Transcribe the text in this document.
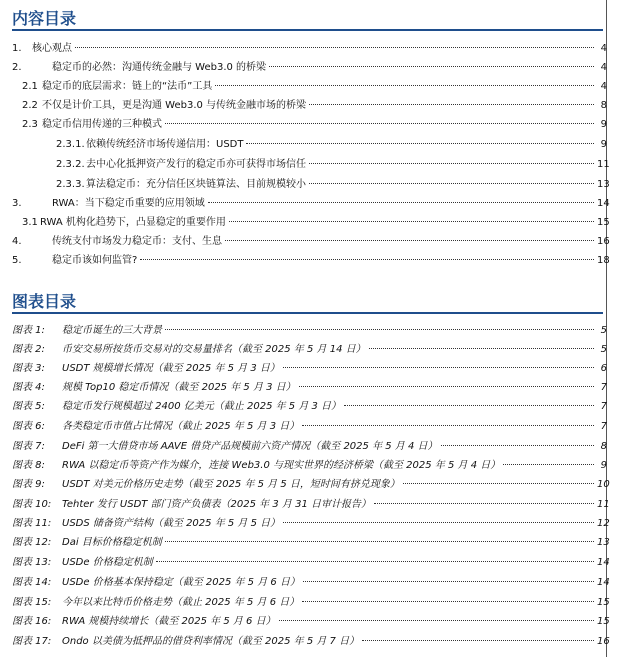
内容目录
1.	核心观点	4
2.	稳定币的必然：沟通传统金融与 Web3.0 的桥梁	4
2.1 稳定币的底层需求：链上的“法币”工具	4
2.2 不仅是计价工具，更是沟通 Web3.0 与传统金融市场的桥梁	8
2.3 稳定币信用传递的三种模式	9
2.3.1. 依赖传统经济市场传递信用：USDT	9
2.3.2. 去中心化抵押资产发行的稳定币亦可获得市场信任	11
2.3.3. 算法稳定币：充分信任区块链算法、目前规模较小	13
3.	RWA：当下稳定币重要的应用领域	14
3.1 RWA 机构化趋势下，凸显稳定的重要作用	15
4.	传统支付市场发力稳定币：支付、生息	16
5.	稳定币该如何监管?	18
图表目录
图表 1:	稳定币诞生的三大背景	5
图表 2:	币安交易所按货币交易对的交易量排名（截至 2025 年 5 月 14 日）	5
图表 3:	USDT 规模增长情况（截至 2025 年 5 月 3 日）	6
图表 4:	规模 Top10 稳定币情况（截至 2025 年 5 月 3 日）	7
图表 5:	稳定币发行规模超过 2400 亿美元（截止 2025 年 5 月 3 日）	7
图表 6:	各类稳定币市值占比情况（截止 2025 年 5 月 3 日）	7
图表 7:	DeFi 第一大借贷市场 AAVE 借贷产品规模前六资产情况（截至 2025 年 5 月 4 日）	8
图表 8:	RWA 以稳定币等资产作为媒介，连接 Web3.0 与现实世界的经济桥梁（截至 2025 年 5 月 4 日）	9
图表 9:	USDT 对美元价格历史走势（截至 2025 年 5 月 5 日，短时间有挤兑现象）	10
图表 10:	Tehter 发行 USDT 部门资产负债表（2025 年 3 月 31 日审计报告）	11
图表 11:	USDS 储备资产结构（截至 2025 年 5 月 5 日）	12
图表 12:	Dai 目标价格稳定机制	13
图表 13:	USDe 价格稳定机制	14
图表 14:	USDe 价格基本保持稳定（截至 2025 年 5 月 6 日）	14
图表 15:	今年以来比特币价格走势（截止 2025 年 5 月 6 日）	15
图表 16:	RWA 规模持续增长（截至 2025 年 5 月 6 日）	15
图表 17:	Ondo 以美债为抵押品的借贷利率情况（截至 2025 年 5 月 7 日）	16
